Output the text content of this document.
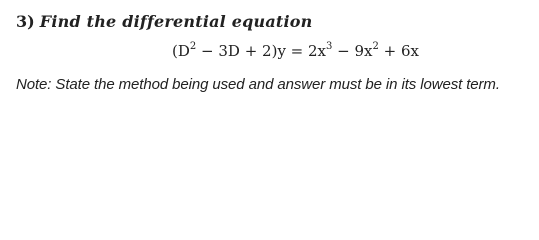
3) Find the differential equation
$(D^2 - 3D + 2)y = 2x^3 - 9x^2 + 6x$
Note: State the method being used and answer must be in its lowest term.
